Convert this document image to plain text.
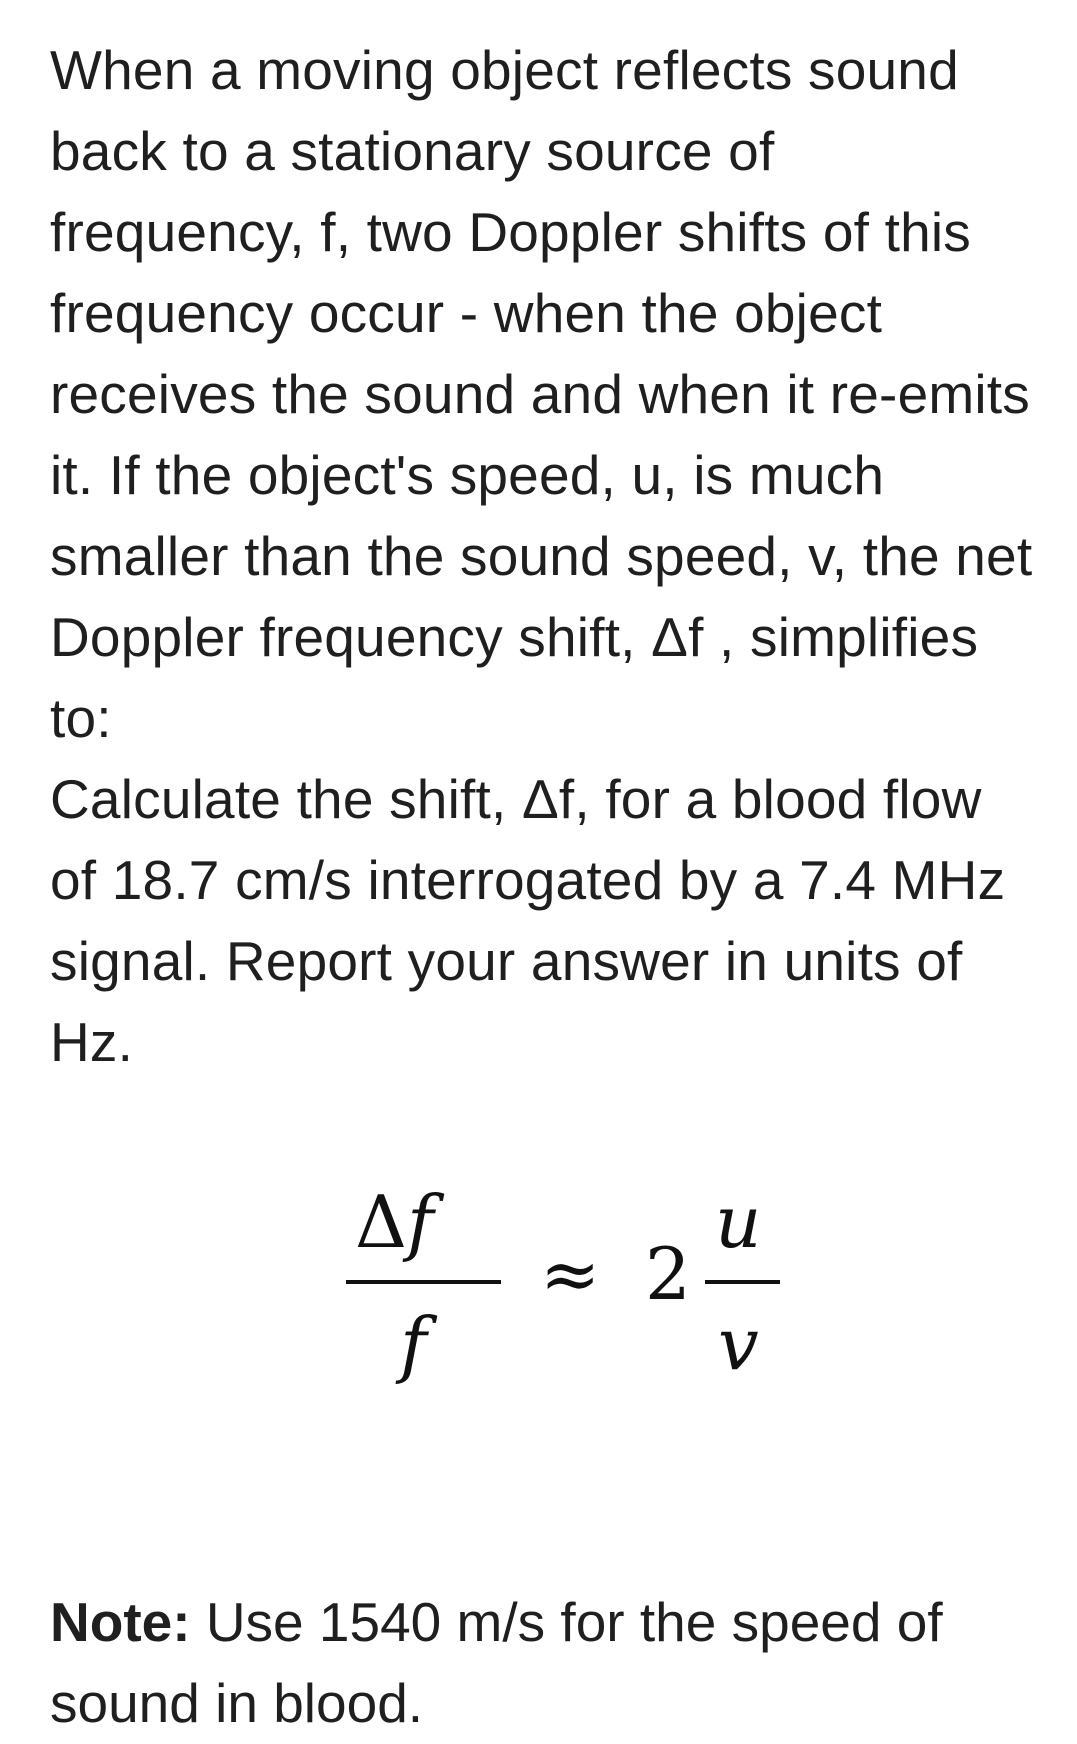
When a moving object reflects sound
back to a stationary source of
frequency, f, two Doppler shifts of this
frequency occur - when the object
receives the sound and when it re-emits
it. If the object's speed, u, is much
smaller than the sound speed, v, the net
Doppler frequency shift, Δf , simplifies
to:
Calculate the shift, Δf, for a blood flow
of 18.7 cm/s interrogated by a 7.4 MHz
signal. Report your answer in units of
Hz.

Δf
f
≈ 2
u
v
Note: Use 1540 m/s for the speed of
sound in blood.
